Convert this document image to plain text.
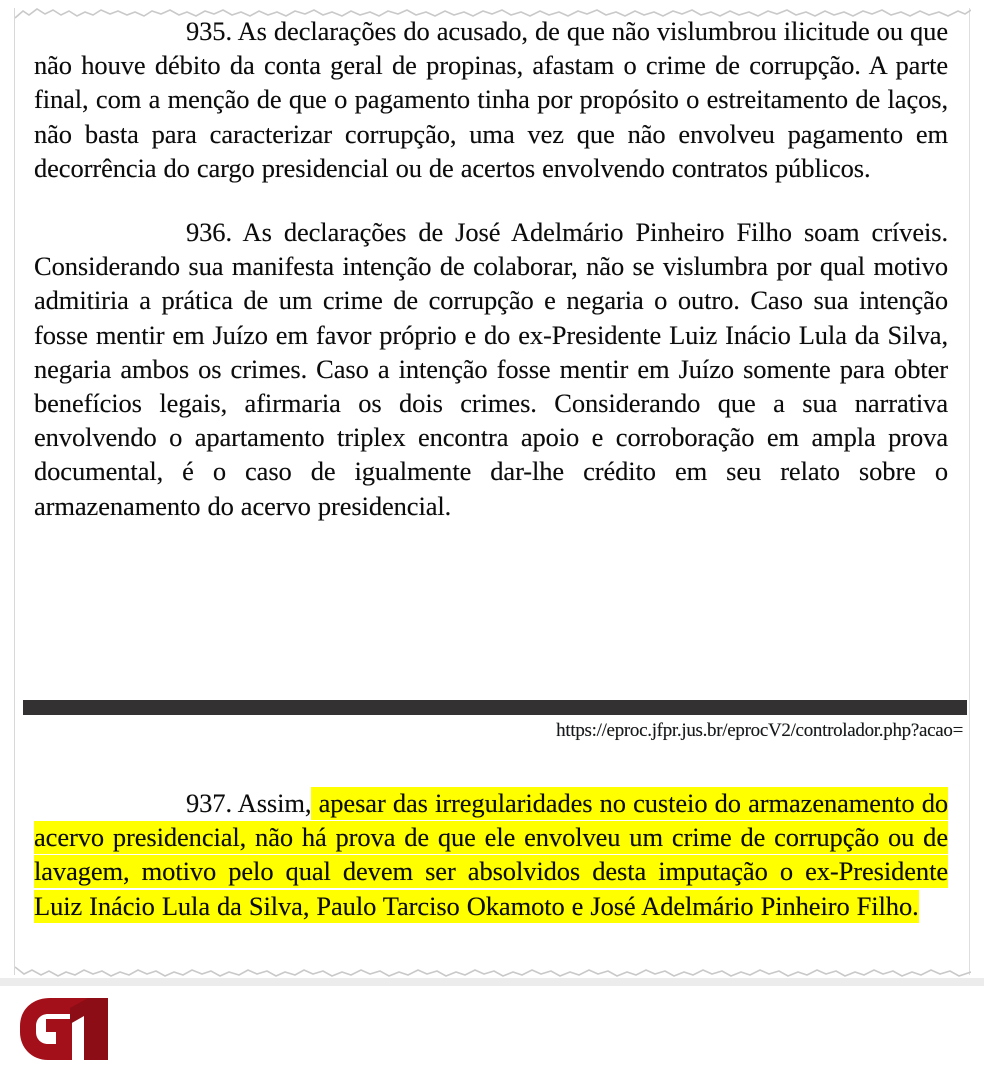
935. As declarações do acusado, de que não vislumbrou ilicitude ou que não houve débito da conta geral de propinas, afastam o crime de corrupção. A parte final, com a menção de que o pagamento tinha por propósito o estreitamento de laços, não basta para caracterizar corrupção, uma vez que não envolveu pagamento em decorrência do cargo presidencial ou de acertos envolvendo contratos públicos.

936. As declarações de José Adelmário Pinheiro Filho soam críveis. Considerando sua manifesta intenção de colaborar, não se vislumbra por qual motivo admitiria a prática de um crime de corrupção e negaria o outro. Caso sua intenção fosse mentir em Juízo em favor próprio e do ex-Presidente Luiz Inácio Lula da Silva, negaria ambos os crimes. Caso a intenção fosse mentir em Juízo somente para obter benefícios legais, afirmaria os dois crimes. Considerando que a sua narrativa envolvendo o apartamento triplex encontra apoio e corroboração em ampla prova documental, é o caso de igualmente dar-lhe crédito em seu relato sobre o armazenamento do acervo presidencial.

https://eproc.jfpr.jus.br/eprocV2/controlador.php?acao=

937. Assim, apesar das irregularidades no custeio do armazenamento do acervo presidencial, não há prova de que ele envolveu um crime de corrupção ou de lavagem, motivo pelo qual devem ser absolvidos desta imputação o ex-Presidente Luiz Inácio Lula da Silva, Paulo Tarciso Okamoto e José Adelmário Pinheiro Filho.
